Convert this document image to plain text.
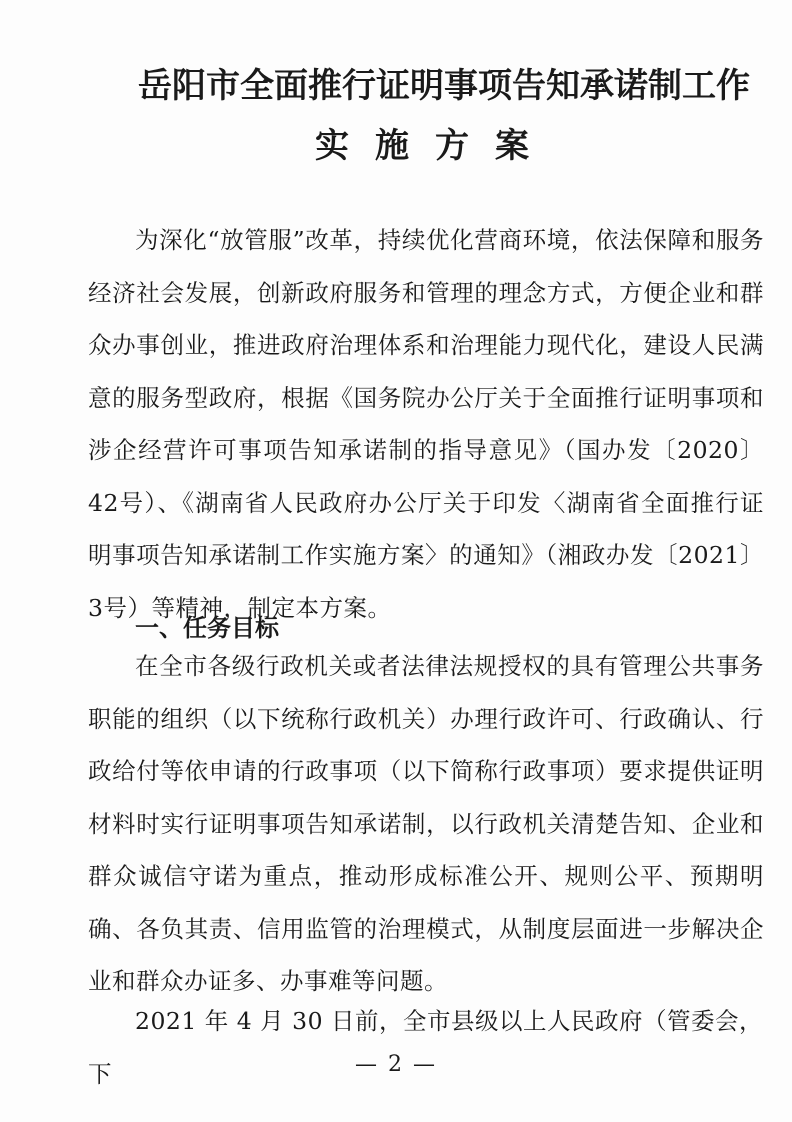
岳阳市全面推行证明事项告知承诺制工作
实施方案
为深化“放管服”改革，持续优化营商环境，依法保障和服务经济社会发展，创新政府服务和管理的理念方式，方便企业和群众办事创业，推进政府治理体系和治理能力现代化，建设人民满意的服务型政府，根据《国务院办公厅关于全面推行证明事项和涉企经营许可事项告知承诺制的指导意见》（国办发〔2020〕42号）、《湖南省人民政府办公厅关于印发〈湖南省全面推行证明事项告知承诺制工作实施方案〉的通知》（湘政办发〔2021〕3号）等精神，制定本方案。
一、任务目标
在全市各级行政机关或者法律法规授权的具有管理公共事务职能的组织（以下统称行政机关）办理行政许可、行政确认、行政给付等依申请的行政事项（以下简称行政事项）要求提供证明材料时实行证明事项告知承诺制，以行政机关清楚告知、企业和群众诚信守诺为重点，推动形成标准公开、规则公平、预期明确、各负其责、信用监管的治理模式，从制度层面进一步解决企业和群众办证多、办事难等问题。
2021 年 4 月 30 日前，全市县级以上人民政府（管委会，下	— 2 —
